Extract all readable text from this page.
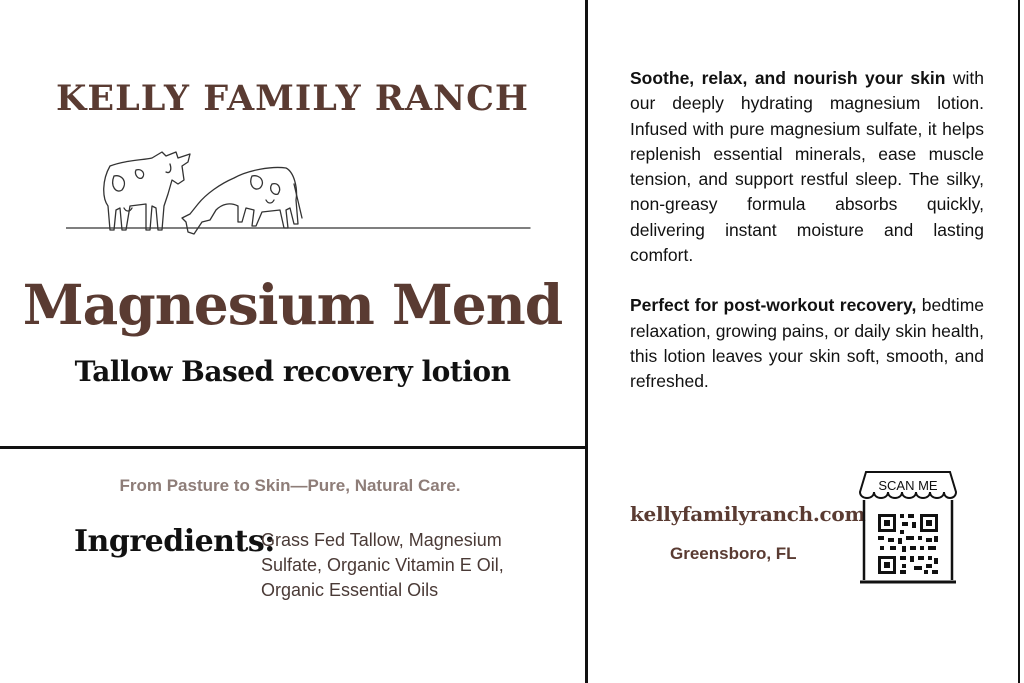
KELLY FAMILY RANCH
Magnesium Mend
Tallow Based recovery lotion
From Pasture to Skin—Pure, Natural Care.
Ingredients:
Grass Fed Tallow, Magnesium Sulfate, Organic Vitamin E Oil, Organic Essential Oils

Soothe, relax, and nourish your skin with our deeply hydrating magnesium lotion. Infused with pure magnesium sulfate, it helps replenish essential minerals, ease muscle tension, and support restful sleep. The silky, non-greasy formula absorbs quickly, delivering instant moisture and lasting comfort.

Perfect for post-workout recovery, bedtime relaxation, growing pains, or daily skin health, this lotion leaves your skin soft, smooth, and refreshed.

kellyfamilyranch.com
Greensboro, FL
SCAN ME
